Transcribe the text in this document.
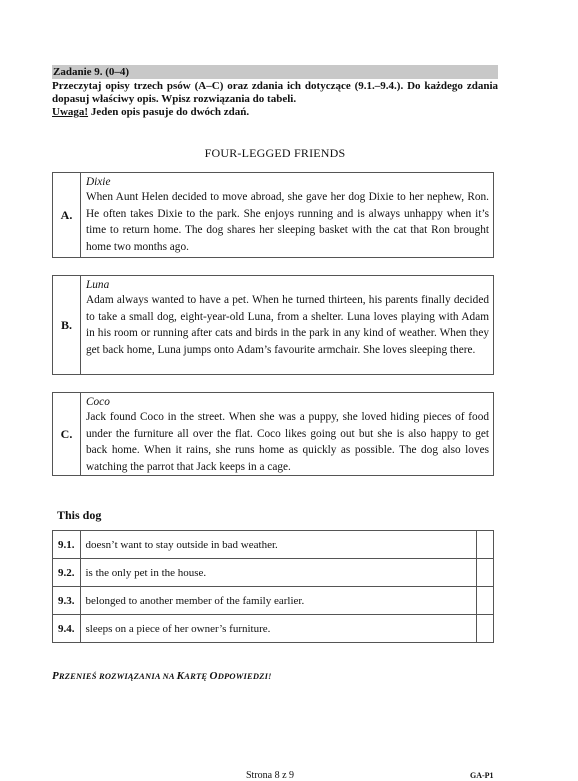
Zadanie 9. (0–4)
Przeczytaj opisy trzech psów (A–C) oraz zdania ich dotyczące (9.1.–9.4.). Do każdego zdania dopasuj właściwy opis. Wpisz rozwiązania do tabeli.
Uwaga! Jeden opis pasuje do dwóch zdań.
FOUR-LEGGED FRIENDS
A.
Dixie
When Aunt Helen decided to move abroad, she gave her dog Dixie to her nephew, Ron. He often takes Dixie to the park. She enjoys running and is always unhappy when it’s time to return home. The dog shares her sleeping basket with the cat that Ron brought home two months ago.
B.
Luna
Adam always wanted to have a pet. When he turned thirteen, his parents finally decided to take a small dog, eight-year-old Luna, from a shelter. Luna loves playing with Adam in his room or running after cats and birds in the park in any kind of weather. When they get back home, Luna jumps onto Adam’s favourite armchair. She loves sleeping there.
C.
Coco
Jack found Coco in the street. When she was a puppy, she loved hiding pieces of food under the furniture all over the flat. Coco likes going out but she is also happy to get back home. When it rains, she runs home as quickly as possible. The dog also loves watching the parrot that Jack keeps in a cage.
This dog
9.1.	doesn’t want to stay outside in bad weather.	
9.2.	is the only pet in the house.	
9.3.	belonged to another member of the family earlier.	
9.4.	sleeps on a piece of her owner’s furniture.	
PRZENIEŚ ROZWIĄZANIA NA KARTĘ ODPOWIEDZI!
Strona 8 z 9	GA-P1
